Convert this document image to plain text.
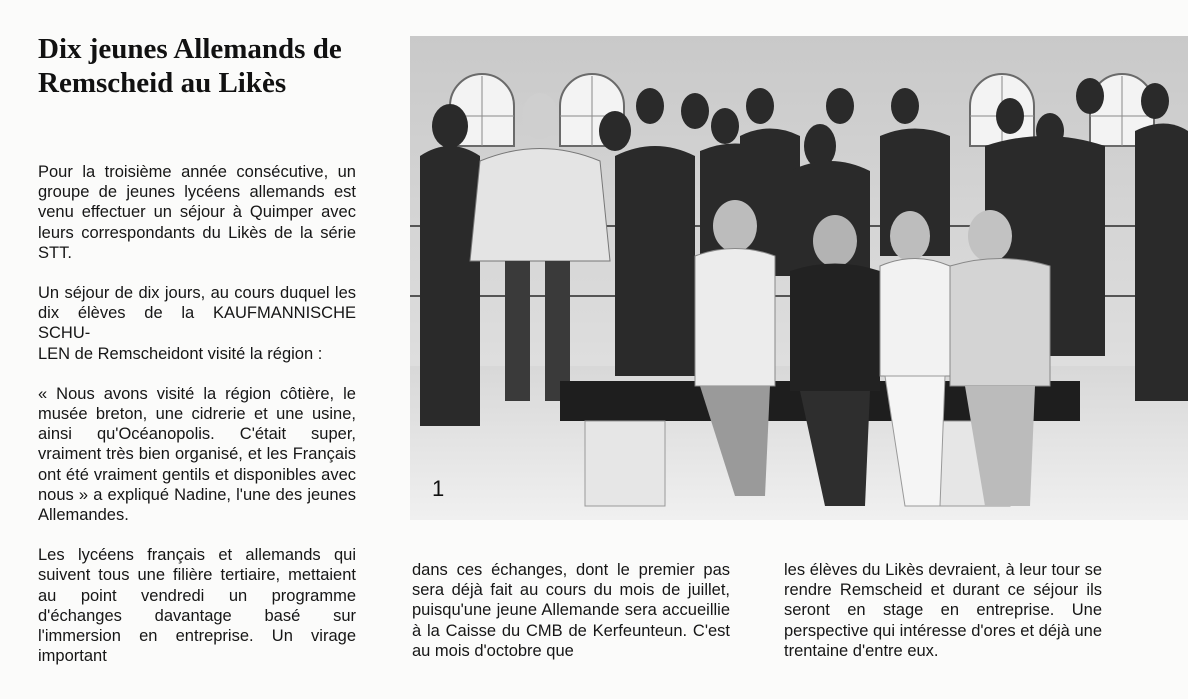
Dix jeunes Allemands de
Remscheid au Likès

Pour la troisième année consécutive, un groupe de jeunes lycéens allemands est venu effectuer un séjour à Quimper avec leurs correspondants du Likès de la série STT.

Un séjour de dix jours, au cours duquel les dix élèves de la KAUFMANNISCHE SCHU-
LEN de Remscheidont visité la région :

« Nous avons visité la région côtière, le musée breton, une cidrerie et une usine, ainsi qu'Océanopolis. C'était super, vraiment très bien organisé, et les Français ont été vraiment gentils et disponibles avec nous » a expliqué Nadine, l'une des jeunes Allemandes.

Les lycéens français et allemands qui suivent tous une filière tertiaire, mettaient au point vendredi un programme d'échanges davantage basé sur l'immersion en entreprise. Un virage important

1

dans ces échanges, dont le premier pas sera déjà fait au cours du mois de juillet, puisqu'une jeune Allemande sera accueillie à la Caisse du CMB de Kerfeunteun. C'est au mois d'octobre que

les élèves du Likès devraient, à leur tour se rendre Remscheid et durant ce séjour ils seront en stage en entreprise. Une perspective qui intéresse d'ores et déjà une trentaine d'entre eux.
